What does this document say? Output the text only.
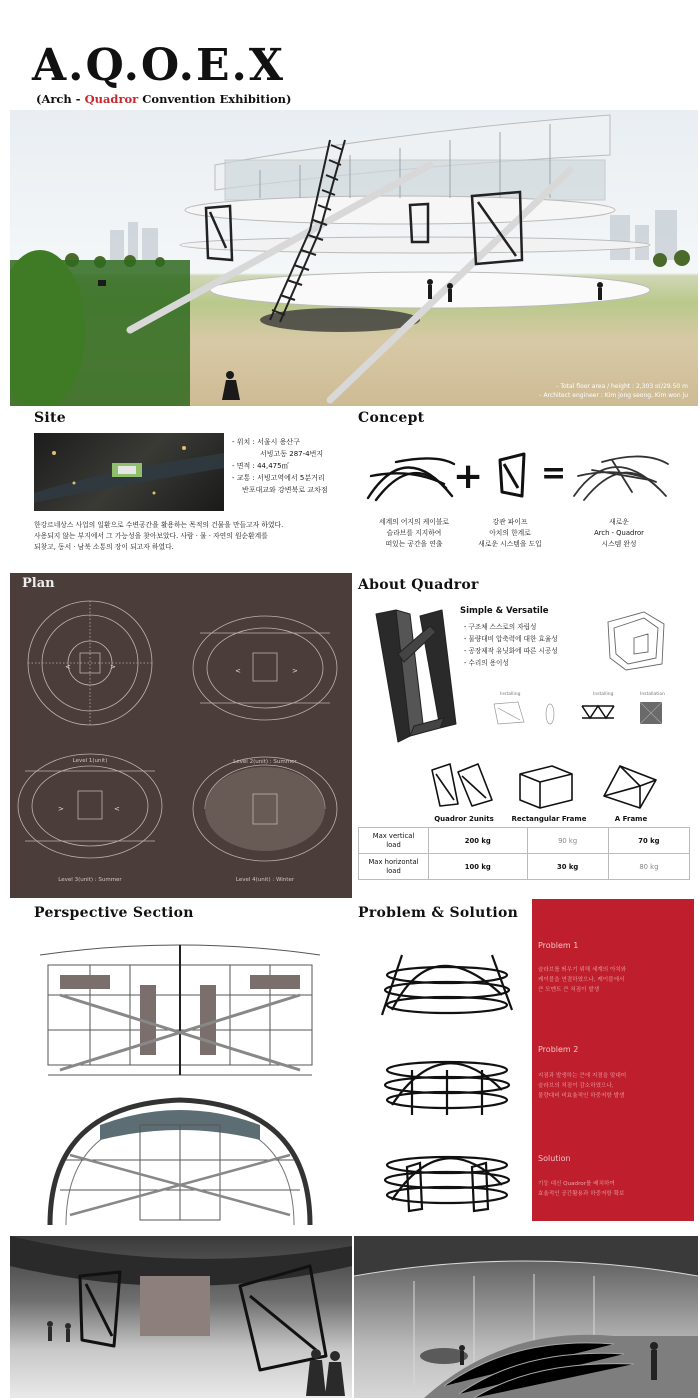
A.Q.O.E.X
(Arch - Quadror Convention Exhibition)
- Total floor area / height : 2,303 ㎡/29.50 m
- Architect engineer : Kim jong seong, Kim won ju
Site
- 위치 : 서울시 용산구
서빙고동 287-4번지
- 면적 : 44,475㎡
- 교통 : 서빙고역에서 5분거리
반포대교와 강변북로 교차점
한강르네상스 사업의 일환으로 수변공간을 활용하는 목적의 건물을 만들고자 하였다.
사용되지 않는 부지에서 그 가능성을 찾아보았다. 사람 · 물 · 자연의 원순환계를
되찾고, 동서 · 남북 소통의 장이 되고자 하였다.
Concept
+ =
세계의 어지의 케이블로
슬라브를 지지하여
떠있는 공간을 연출
강관 파이프
아치의 한계로
새로운 시스템을 도입
새로운
Arch - Quadror
시스템 완성
<	>	<	>
>	<
Plan
Level 1(unit)	Level 2(unit) : Summer
Level 3(unit) : Summer	Level 4(unit) : Winter
About Quadror
Simple & Versatile
- 구조체 스스로의 자립성
- 물량대비 압축력에 대한 효율성
- 공장제작 유닛화에 따른 시공성
- 수리의 용이성
Installing	Installing	Installation
Quadror 2units	Rectangular Frame	A Frame
Max vertical
load	200 kg	90 kg	70 kg

Max horizontal
load	100 kg	30 kg	80 kg
Perspective Section	Problem & Solution
Problem 1
슬라브를 띄우기 위해 세계의 아치와
케이블을 연결하였으나, 케이블에서
큰 모멘트 큰 처짐이 발생
Problem 2
지점과 발생하는 큰에 지점을 맞대어
슬라브의 처짐이 감소하였으나,
물량대비 비효율적인 하중저항 발생
Solution
기둥 대신 Quadror를 배치하여
효율적인 공간활용과 하중저항 확보
